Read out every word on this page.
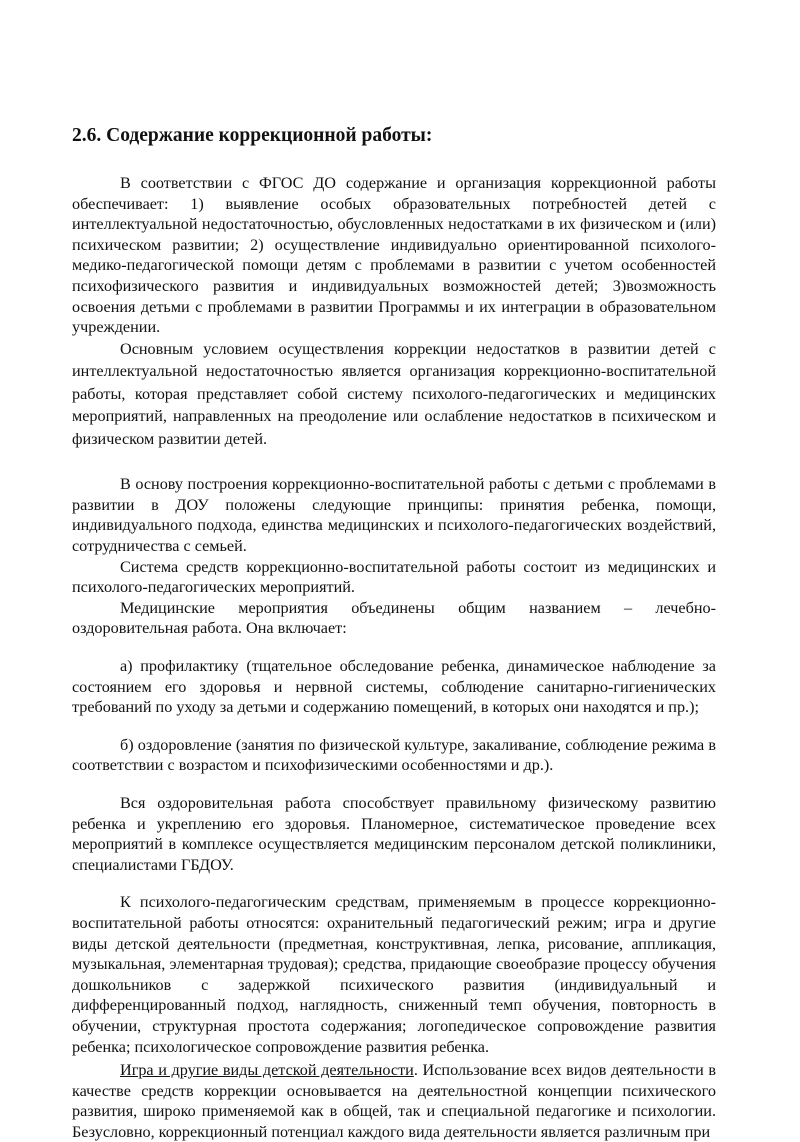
2.6. Содержание коррекционной работы:

В соответствии с ФГОС ДО содержание и организация коррекционной работы обеспечивает: 1) выявление особых образовательных потребностей детей с интеллектуальной недостаточностью, обусловленных недостатками в их физическом и (или) психическом развитии; 2) осуществление индивидуально ориентированной психолого-медико-педагогической помощи детям с проблемами в развитии с учетом особенностей психофизического развития и индивидуальных возможностей детей; 3)возможность освоения детьми с проблемами в развитии Программы и их интеграции в образовательном учреждении.

Основным условием осуществления коррекции недостатков в развитии детей с интеллектуальной недостаточностью является организация коррекционно-воспитательной работы, которая представляет собой систему психолого-педагогических и медицинских мероприятий, направленных на преодоление или ослабление недостатков в психическом и физическом развитии детей.

В основу построения коррекционно-воспитательной работы с детьми с проблемами в развитии в ДОУ положены следующие принципы: принятия ребенка, помощи, индивидуального подхода, единства медицинских и психолого-педагогических воздействий, сотрудничества с семьей.

Система средств коррекционно-воспитательной работы состоит из медицинских и психолого-педагогических мероприятий.

Медицинские мероприятия объединены общим названием – лечебно-оздоровительная работа. Она включает:

а) профилактику (тщательное обследование ребенка, динамическое наблюдение за состоянием его здоровья и нервной системы, соблюдение санитарно-гигиенических требований по уходу за детьми и содержанию помещений, в которых они находятся и пр.);

б) оздоровление (занятия по физической культуре, закаливание, соблюдение режима в соответствии с возрастом и психофизическими особенностями и др.).

Вся оздоровительная работа способствует правильному физическому развитию ребенка и укреплению его здоровья. Планомерное, систематическое проведение всех мероприятий в комплексе осуществляется медицинским персоналом детской поликлиники, специалистами ГБДОУ.

К психолого-педагогическим средствам, применяемым в процессе коррекционно-воспитательной работы относятся: охранительный педагогический режим; игра и другие виды детской деятельности (предметная, конструктивная, лепка, рисование, аппликация, музыкальная, элементарная трудовая); средства, придающие своеобразие процессу обучения дошкольников с задержкой психического развития (индивидуальный и дифференцированный подход, наглядность, сниженный темп обучения, повторность в обучении, структурная простота содержания; логопедическое сопровождение развития ребенка; психологическое сопровождение развития ребенка.

Игра и другие виды детской деятельности. Использование всех видов деятельности в качестве средств коррекции основывается на деятельностной концепции психического развития, широко применяемой как в общей, так и специальной педагогике и психологии. Безусловно, коррекционный потенциал каждого вида деятельности является различным при
